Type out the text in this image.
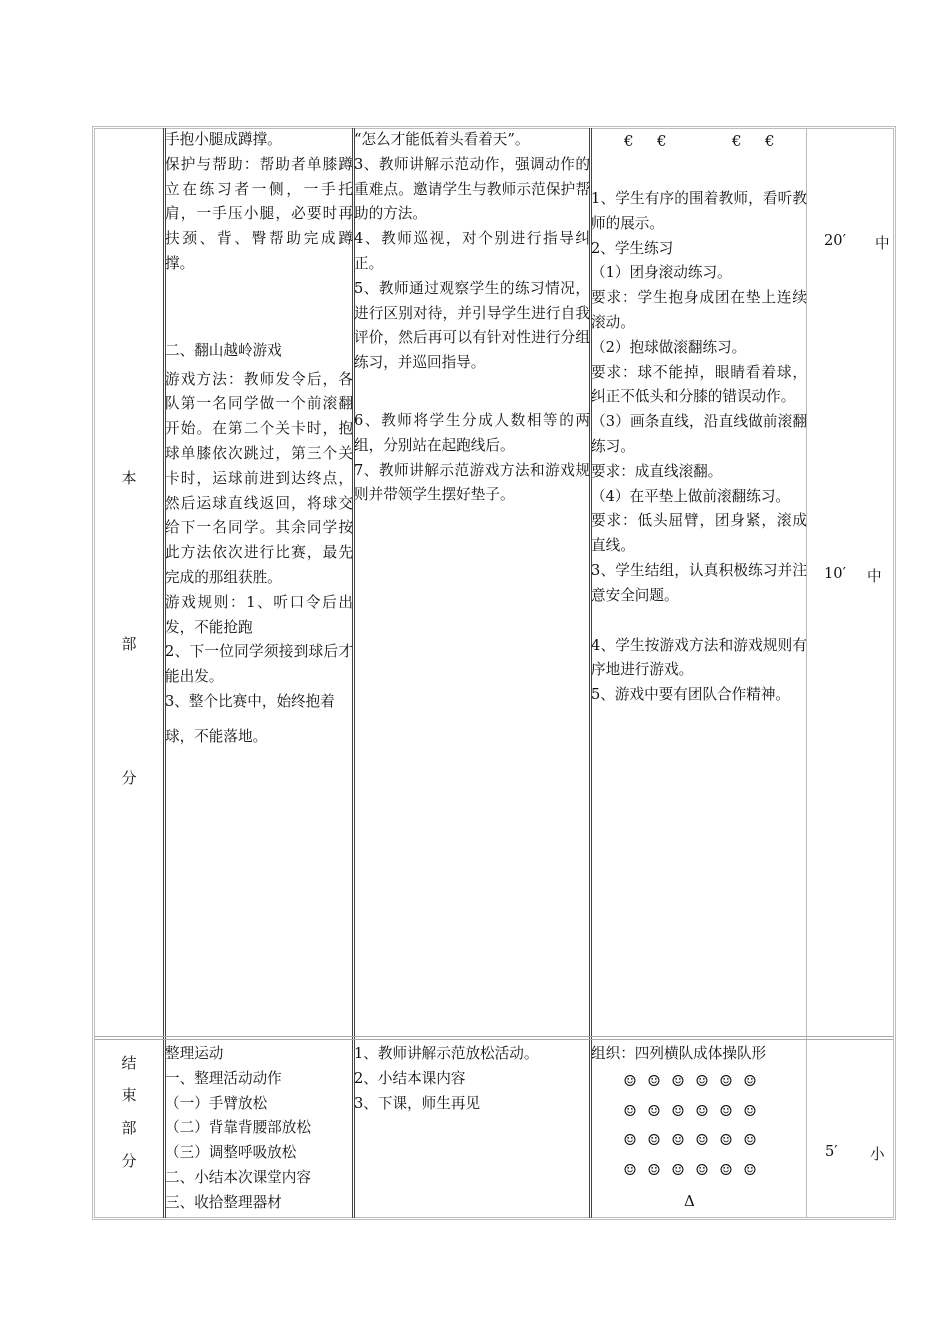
本
部
分

手抱小腿成蹲撑。

保护与帮助：帮助者单膝蹲立在练习者一侧，一手托肩，一手压小腿，必要时再扶颈、背、臀帮助完成蹲撑。

二、翻山越岭游戏

游戏方法：教师发令后，各队第一名同学做一个前滚翻开始。在第二个关卡时，抱球单膝依次跳过，第三个关卡时，运球前进到达终点，然后运球直线返回，将球交给下一名同学。其余同学按此方法依次进行比赛，最先完成的那组获胜。

游戏规则：1、听口令后出发，不能抢跑

2、下一位同学须接到球后才能出发。

3、整个比赛中，始终抱着

球，不能落地。

“怎么才能低着头看着天”。

3、教师讲解示范动作，强调动作的重难点。邀请学生与教师示范保护帮助的方法。

4、教师巡视，对个别进行指导纠正。

5、教师通过观察学生的练习情况，进行区别对待，并引导学生进行自我评价，然后再可以有针对性进行分组练习，并巡回指导。

6、教师将学生分成人数相等的两组，分别站在起跑线后。

7、教师讲解示范游戏方法和游戏规则并带领学生摆好垫子。

€ €	€ €

1、学生有序的围着教师，看听教师的展示。

2、学生练习

（1）团身滚动练习。

要求：学生抱身成团在垫上连续滚动。

（2）抱球做滚翻练习。

要求：球不能掉，眼睛看着球，纠正不低头和分膝的错误动作。

（3）画条直线，沿直线做前滚翻练习。

要求：成直线滚翻。

（4）在平垫上做前滚翻练习。

要求：低头屈臂，团身紧，滚成直线。

3、学生结组，认真积极练习并注意安全问题。

4、学生按游戏方法和游戏规则有序地进行游戏。

5、游戏中要有团队合作精神。

20′ 中
10′ 中
结
束
部
分

整理运动

一、整理活动动作

（一）手臂放松

（二）背靠背腰部放松

（三）调整呼吸放松

二、小结本次课堂内容

三、收拾整理器材

1、教师讲解示范放松活动。

2、小结本课内容

3、下课，师生再见

组织：四列横队成体操队形

☺ ☺ ☺ ☺ ☺ ☺
☺ ☺ ☺ ☺ ☺ ☺
☺ ☺ ☺ ☺ ☺ ☺
☺ ☺ ☺ ☺ ☺ ☺
Δ
5′ 小
